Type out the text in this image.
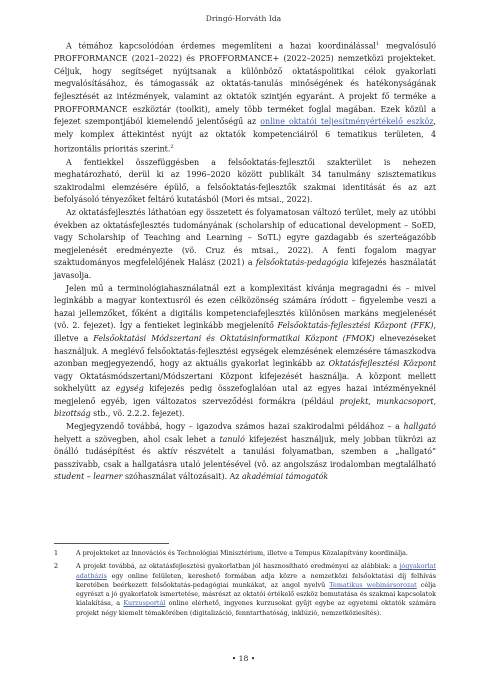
Dringó-Horváth Ida

A témához kapcsolódóan érdemes megemlíteni a hazai koordinálással$^1$ megvalósuló PROFFORMANCE (2021–2022) és PROFFORMANCE+ (2022–2025) nemzetközi projekteket. Céljuk, hogy segítséget nyújtsanak a különböző oktatáspolitikai célok gyakorlati megvalósításához, és támogassák az oktatás-tanulás minőségének és hatékonyságának fejlesztését az intézmények, valamint az oktatók szintjén egyaránt. A projekt fő terméke a PROFFORMANCE eszköztár (toolkit), amely több terméket foglal magában. Ezek közül a fejezet szempontjából kiemelendő jelentőségű az online oktatói teljesítményértékelő eszköz, mely komplex áttekintést nyújt az oktatók kompetenciáiról 6 tematikus területen, 4 horizontális prioritás szerint.$^2$

A fentiekkel összefüggésben a felsőoktatás-fejlesztői szakterület is nehezen meghatározható, derül ki az 1996–2020 között publikált 34 tanulmány szisztematikus szakirodalmi elemzésére épülő, a felsőoktatás-fejlesztők szakmai identitását és az azt befolyásoló tényezőket feltáró kutatásból (Mori és mtsai., 2022).

Az oktatásfejlesztés láthatóan egy összetett és folyamatosan változó terület, mely az utóbbi években az oktatásfejlesztés tudományának (scholarship of educational development – SoED, vagy Scholarship of Teaching and Learning – SoTL) egyre gazdagabb és szerteágazóbb megjelenését eredményezte (vö. Cruz és mtsai., 2022). A fenti fogalom magyar szaktudományos megfelelőjének Halász (2021) a felsőoktatás-pedagógia kifejezés használatát javasolja.

Jelen mű a terminológiahasználatnál ezt a komplexitást kívánja megragadni és – mivel leginkább a magyar kontextusról és ezen célközönség számára íródott – figyelembe veszi a hazai jellemzőket, főként a digitális kompetenciafejlesztés különösen markáns megjelenését (vö. 2. fejezet). Így a fentieket leginkább megjelenítő Felsőoktatás-fejlesztési Központ (FFK), illetve a Felsőoktatási Módszertani és Oktatásinformatikai Központ (FMOK) elnevezéseket használjuk. A meglévő felsőoktatás-fejlesztési egységek elemzésének elemzésére támaszkodva azonban megjegyezendő, hogy az aktuális gyakorlat leginkább az Oktatásfejlesztési Központ vagy Oktatásmódszertani/Módszertani Központ kifejezését használja. A központ mellett sokhelyütt az egység kifejezés pedig összefoglalóan utal az egyes hazai intézményeknél megjelenő egyéb, igen változatos szerveződési formákra (például projekt, munkacsoport, bizottság stb., vö. 2.2.2. fejezet).

Megjegyzendő továbbá, hogy – igazodva számos hazai szakirodalmi példához – a hallgató helyett a szövegben, ahol csak lehet a tanuló kifejezést használjuk, mely jobban tükrözi az önálló tudásépítést és aktív részvételt a tanulási folyamatban, szemben a „hallgató” passzívabb, csak a hallgatásra utaló jelentésével (vö. az angolszász irodalomban megtalálható student – learner szóhasználat változásait). Az akadémiai támogatók

1	A projekteket az Innovációs és Technológiai Minisztérium, illetve a Tempus Közalapítvány koordinálja.
2	A projekt továbbá, az oktatásfejlesztési gyakorlatban jól hasznosítható eredményei az alábbiak: a jógyakorlat adatbázis egy online felületen, kereshető formában adja közre a nemzetközi felsőoktatási díj felhívás keretében beérkezett felsőoktatás-pedagógiai munkákat, az angol nyelvű Tematikus webinársorozat célja egyrészt a jó gyakorlatok ismertetése, másrészt az oktatói értékelő eszköz bemutatása és szakmai kapcsolatok kialakítása, a Kurzusportál online elérhető, ingyenes kurzusokat gyűjt egybe az egyetemi oktatók számára projekt négy kiemelt témakörében (digitalizáció, fenntarthatóság, inklúzió, nemzetköziesítés).
• 18 •
